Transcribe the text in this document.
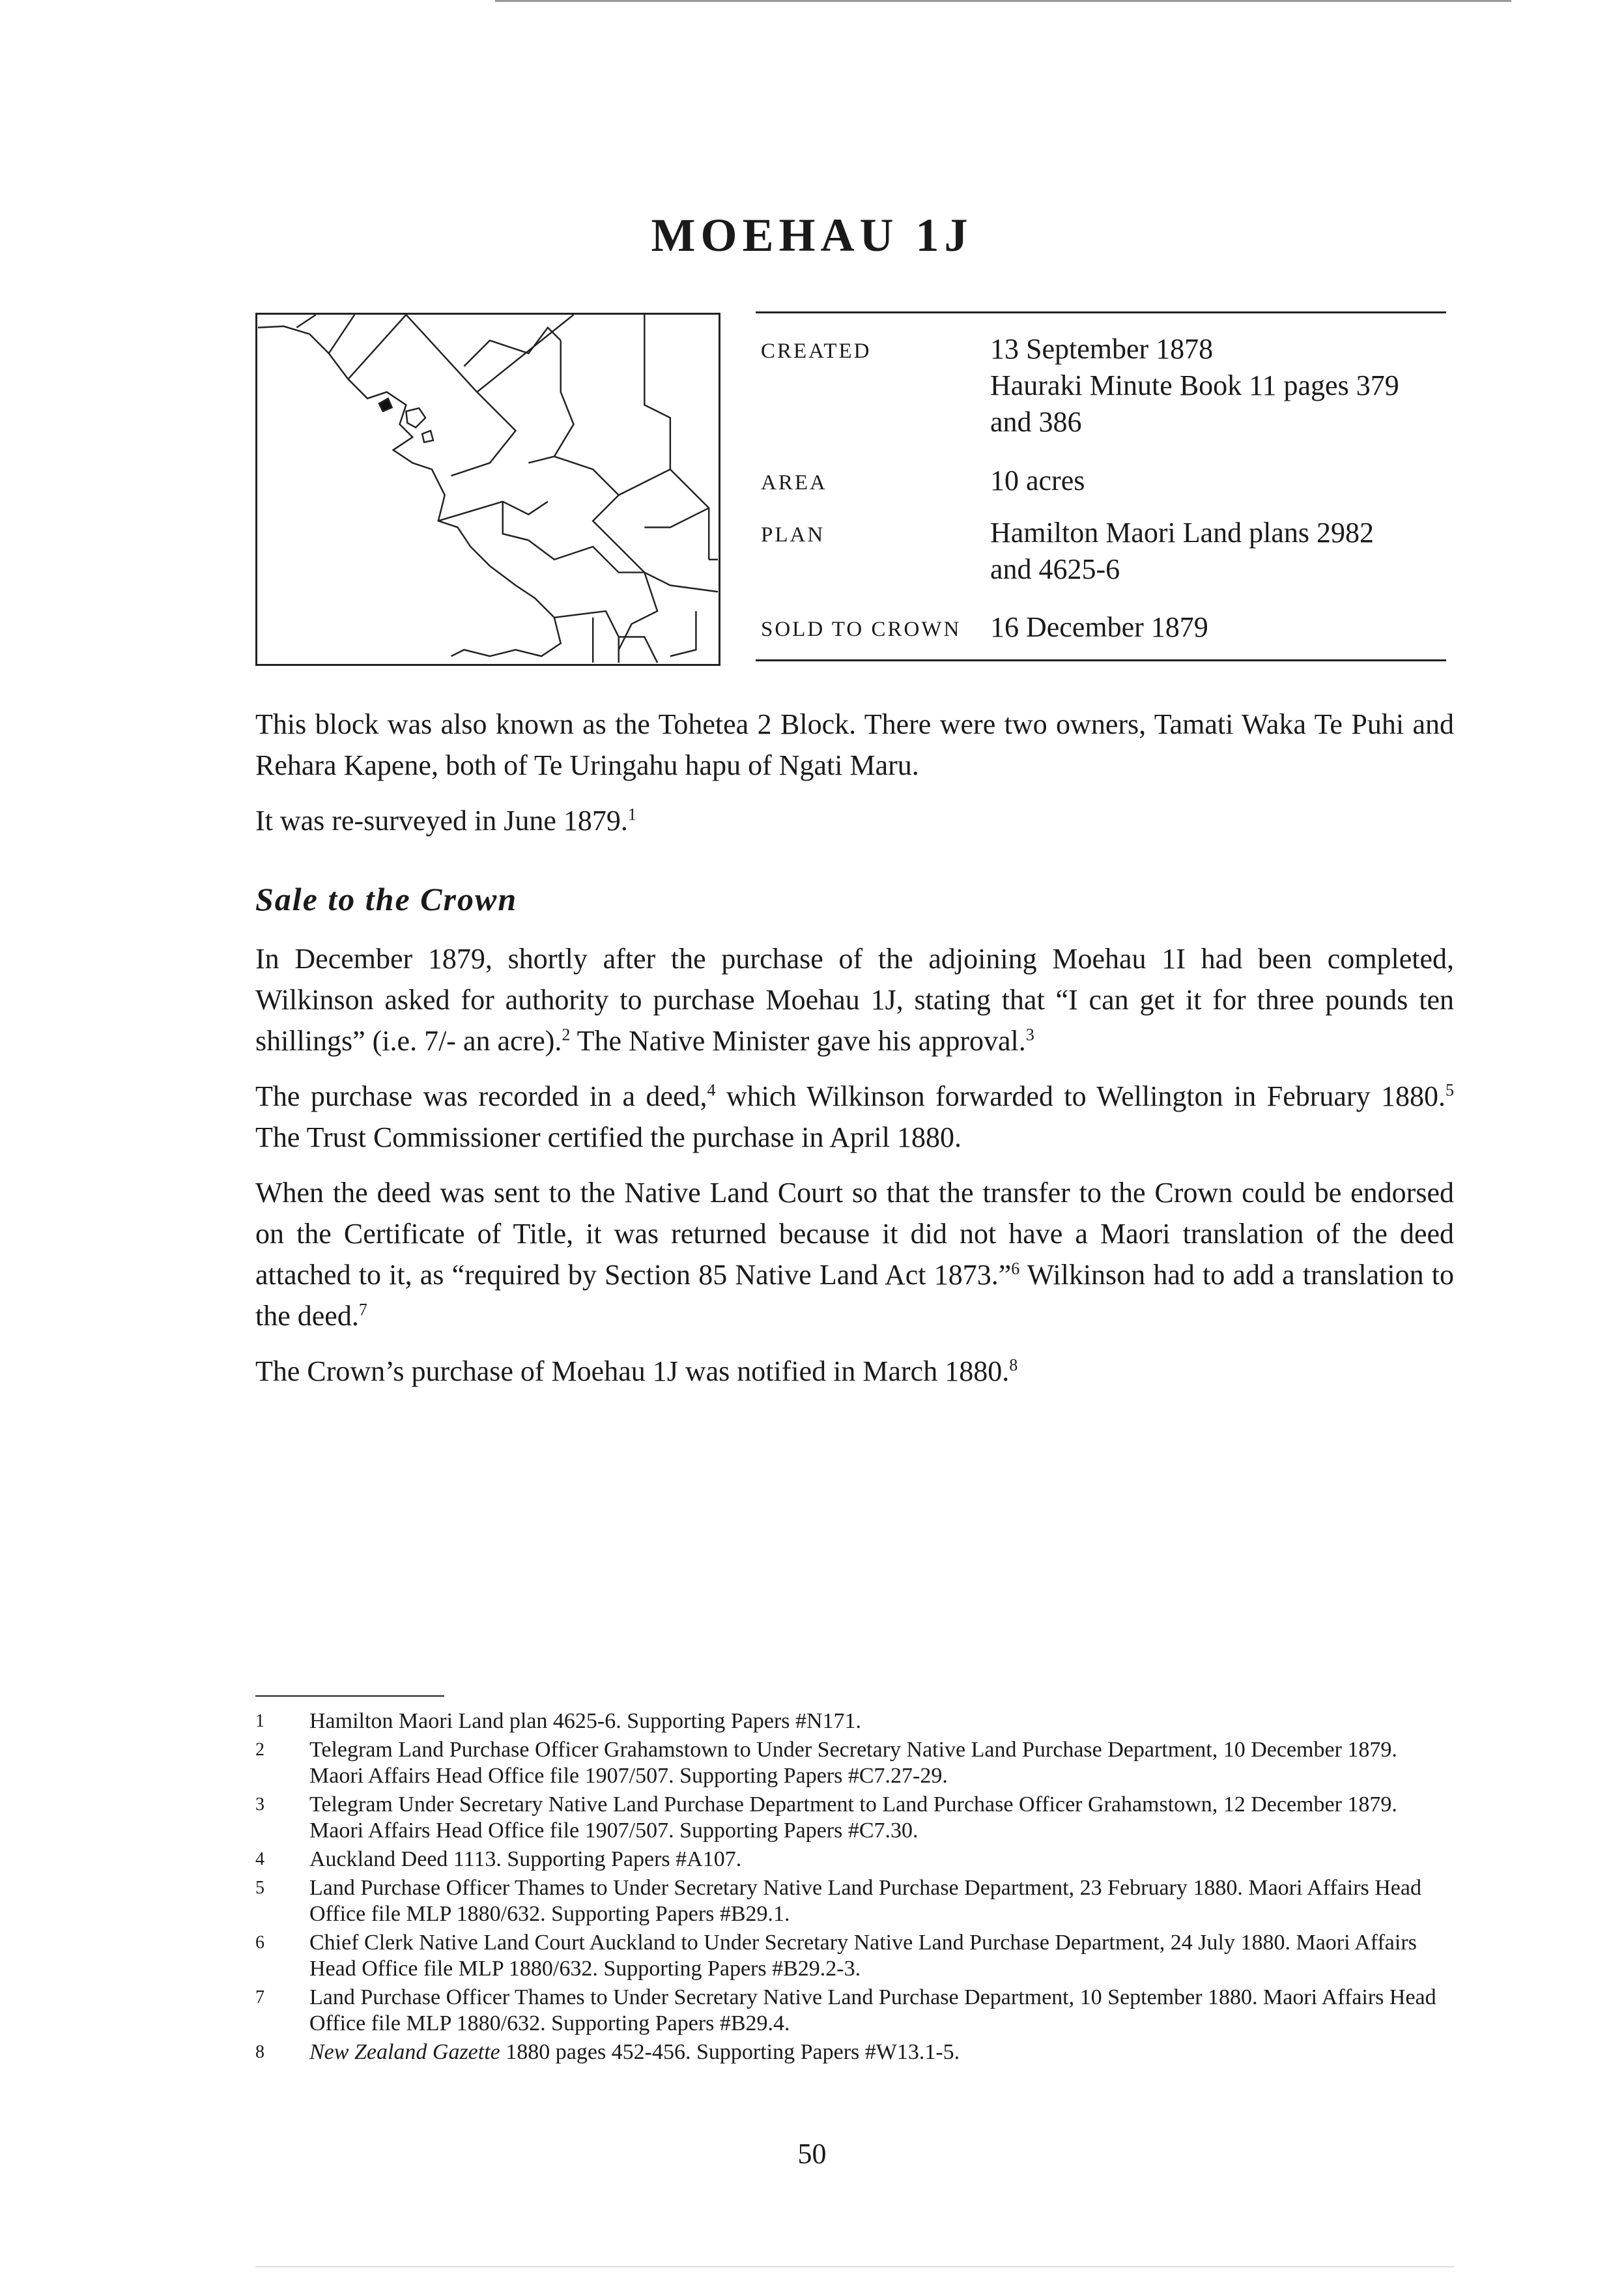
MOEHAU 1J
CREATED	13 September 1878
Hauraki Minute Book 11 pages 379
and 386
AREA	10 acres
PLAN	Hamilton Maori Land plans 2982
and 4625-6
SOLD TO CROWN 16 December 1879

This block was also known as the Tohetea 2 Block. There were two owners, Tamati Waka Te Puhi and Rehara Kapene, both of Te Uringahu hapu of Ngati Maru.

It was re-surveyed in June 1879.$^1$

Sale to the Crown

In December 1879, shortly after the purchase of the adjoining Moehau 1I had been completed, Wilkinson asked for authority to purchase Moehau 1J, stating that “I can get it for three pounds ten shillings” (i.e. 7/- an acre).$^2$ The Native Minister gave his approval.$^3$

The purchase was recorded in a deed,$^4$ which Wilkinson forwarded to Wellington in February 1880.$^5$ The Trust Commissioner certified the purchase in April 1880.

When the deed was sent to the Native Land Court so that the transfer to the Crown could be endorsed on the Certificate of Title, it was returned because it did not have a Maori translation of the deed attached to it, as “required by Section 85 Native Land Act 1873.”$^6$ Wilkinson had to add a translation to the deed.$^7$

The Crown’s purchase of Moehau 1J was notified in March 1880.$^8$

1	Hamilton Maori Land plan 4625-6. Supporting Papers #N171.
2	Telegram Land Purchase Officer Grahamstown to Under Secretary Native Land Purchase Department, 10 December 1879. Maori Affairs Head Office file 1907/507. Supporting Papers #C7.27-29.
3	Telegram Under Secretary Native Land Purchase Department to Land Purchase Officer Grahamstown, 12 December 1879. Maori Affairs Head Office file 1907/507. Supporting Papers #C7.30.
4	Auckland Deed 1113. Supporting Papers #A107.
5	Land Purchase Officer Thames to Under Secretary Native Land Purchase Department, 23 February 1880. Maori Affairs Head Office file MLP 1880/632. Supporting Papers #B29.1.
6	Chief Clerk Native Land Court Auckland to Under Secretary Native Land Purchase Department, 24 July 1880. Maori Affairs Head Office file MLP 1880/632. Supporting Papers #B29.2-3.
7	Land Purchase Officer Thames to Under Secretary Native Land Purchase Department, 10 September 1880. Maori Affairs Head Office file MLP 1880/632. Supporting Papers #B29.4.
8	New Zealand Gazette 1880 pages 452-456. Supporting Papers #W13.1-5.
50
